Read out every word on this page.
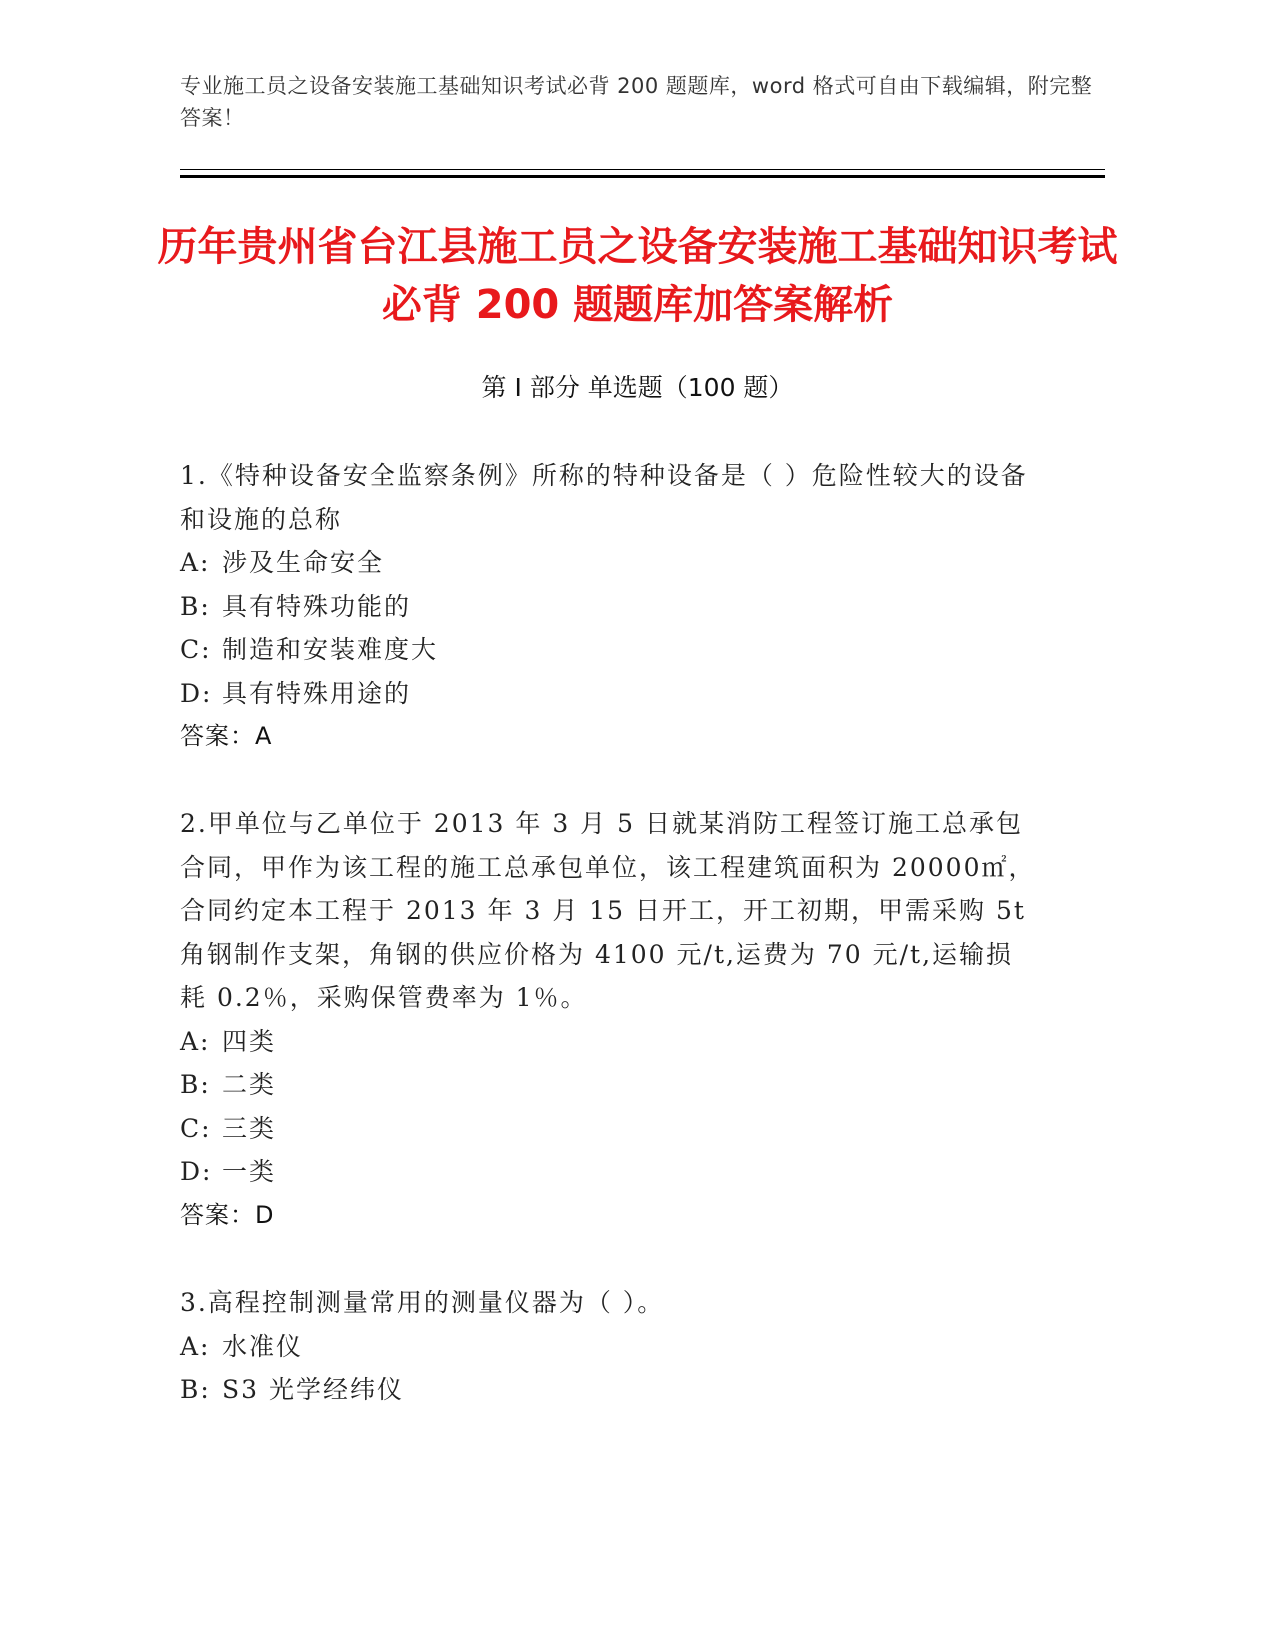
专业施工员之设备安装施工基础知识考试必背 200 题题库，word 格式可自由下载编辑，附完整答案！
历年贵州省台江县施工员之设备安装施工基础知识考试必背 200 题题库加答案解析
第 I 部分 单选题（100 题）

1.《特种设备安全监察条例》所称的特种设备是（ ）危险性较大的设备和设施的总称

A: 涉及生命安全

B: 具有特殊功能的

C: 制造和安装难度大

D: 具有特殊用途的

答案：A

2.甲单位与乙单位于 2013 年 3 月 5 日就某消防工程签订施工总承包合同，甲作为该工程的施工总承包单位，该工程建筑面积为 20000㎡，合同约定本工程于 2013 年 3 月 15 日开工，开工初期，甲需采购 5t 角钢制作支架，角钢的供应价格为 4100 元/t,运费为 70 元/t,运输损耗 0.2％，采购保管费率为 1％。

A: 四类

B: 二类

C: 三类

D: 一类

答案：D

3.高程控制测量常用的测量仪器为（ ）。

A: 水准仪

B: S3 光学经纬仪
